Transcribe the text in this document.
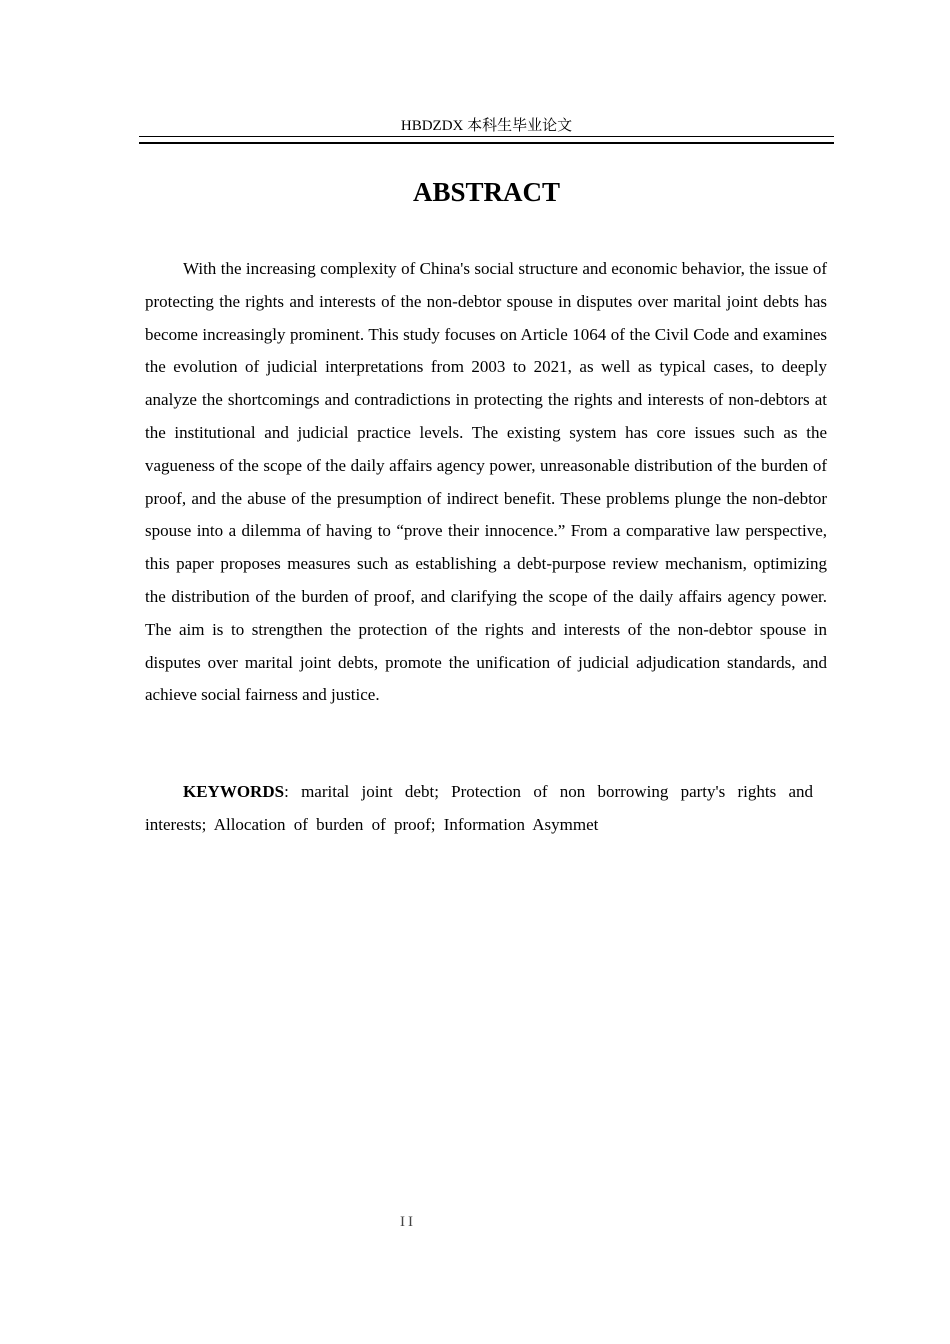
HBDZDX 本科生毕业论文
ABSTRACT

With the increasing complexity of China's social structure and economic behavior, the issue of protecting the rights and interests of the non-debtor spouse in disputes over marital joint debts has become increasingly prominent. This study focuses on Article 1064 of the Civil Code and examines the evolution of judicial interpretations from 2003 to 2021, as well as typical cases, to deeply analyze the shortcomings and contradictions in protecting the rights and interests of non-debtors at the institutional and judicial practice levels. The existing system has core issues such as the vagueness of the scope of the daily affairs agency power, unreasonable distribution of the burden of proof, and the abuse of the presumption of indirect benefit. These problems plunge the non-debtor spouse into a dilemma of having to “prove their innocence.” From a comparative law perspective, this paper proposes measures such as establishing a debt-purpose review mechanism, optimizing the distribution of the burden of proof, and clarifying the scope of the daily affairs agency power. The aim is to strengthen the protection of the rights and interests of the non-debtor spouse in disputes over marital joint debts, promote the unification of judicial adjudication standards, and achieve social fairness and justice.

KEYWORDS: marital joint debt; Protection of non borrowing party's rights and interests; Allocation of burden of proof; Information Asymmet

II
